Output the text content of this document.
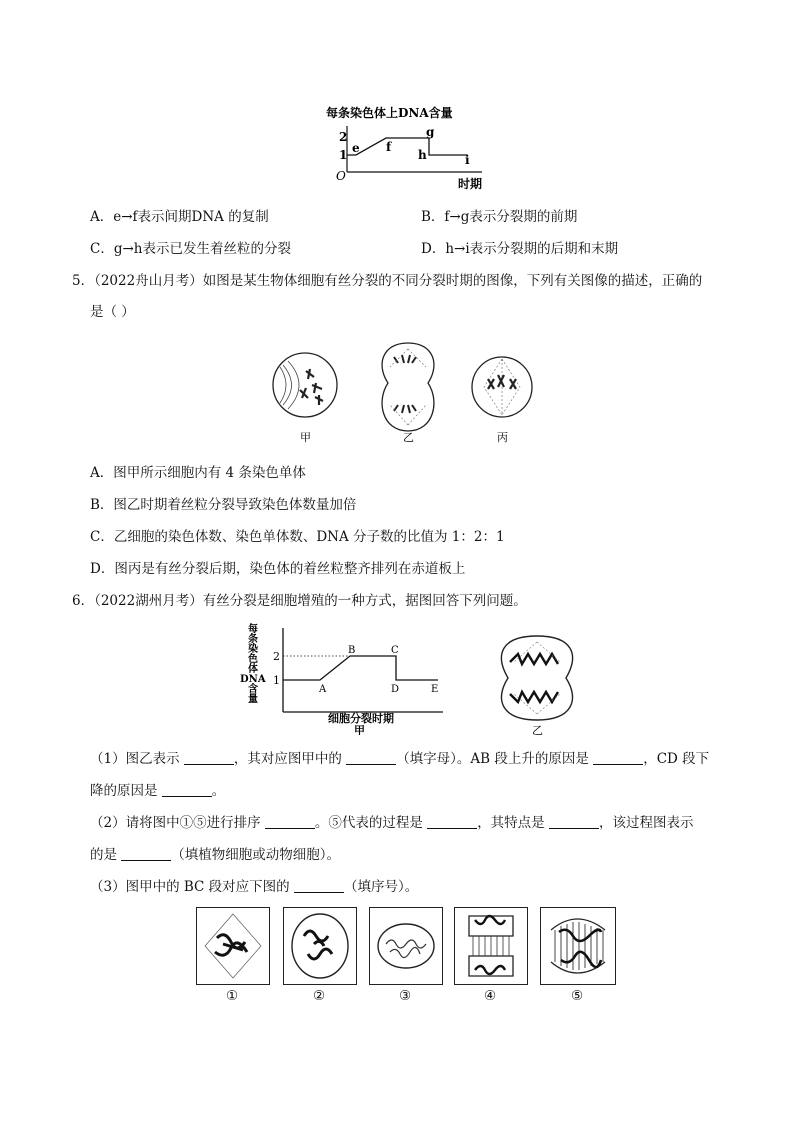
每条染色体上DNA含量
2
1
O
e f
g
h	i
时期
A．e→f表示间期DNA 的复制	B．f→g表示分裂期的前期
C．g→h表示已发生着丝粒的分裂	D．h→i表示分裂期的后期和末期
5．（2022舟山月考）如图是某生物体细胞有丝分裂的不同分裂时期的图像，下列有关图像的描述，正确的
是（ ）
甲	乙	丙
A．图甲所示细胞内有 4 条染色单体
B．图乙时期着丝粒分裂导致染色体数量加倍
C．乙细胞的染色体数、染色单体数、DNA 分子数的比值为 1：2：1
D．图丙是有丝分裂后期，染色体的着丝粒整齐排列在赤道板上
6．（2022湖州月考）有丝分裂是细胞增殖的一种方式，据图回答下列问题。
每
条
染
色
体
DNA
含
量
2
1
A
B	C
D	E
细胞分裂时期
甲	乙
（1）图乙表示	，其对应图甲中的	（填字母）。AB 段上升的原因是	，CD 段下
降的原因是	。
（2）请将图中①⑤进行排序	。⑤代表的过程是	，其特点是	，该过程图表示
的是	（填植物细胞或动物细胞）。
（3）图甲中的 BC 段对应下图的	（填序号）。
①	②	③	④	⑤
